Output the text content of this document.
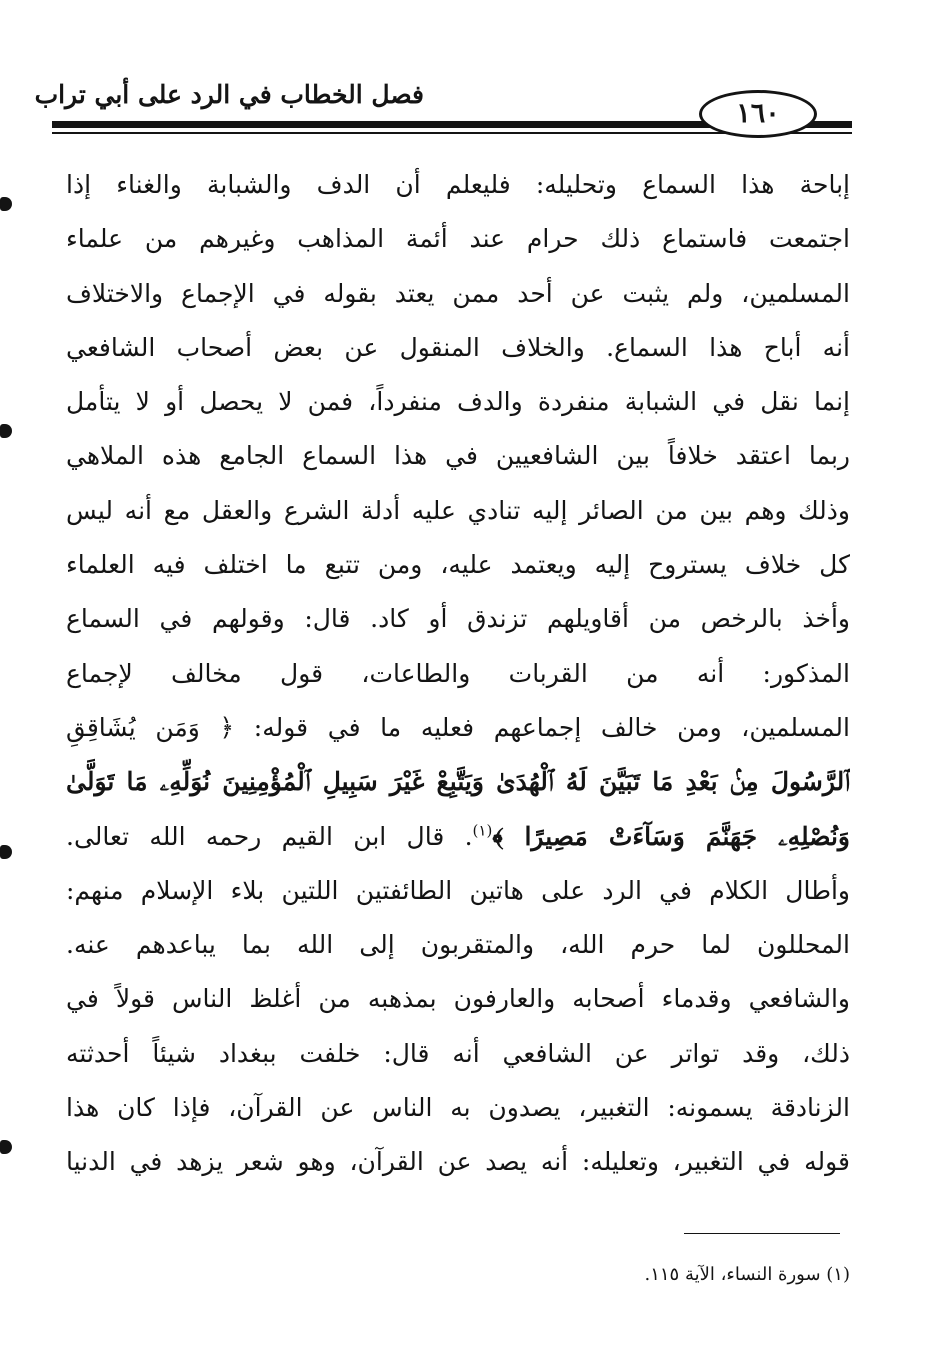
فصل الخطاب في الرد على أبي تراب
١٦٠
إباحة هذا السماع وتحليله: فليعلم أن الدف والشبابة والغناء إذا
اجتمعت فاستماع ذلك حرام عند أئمة المذاهب وغيرهم من علماء
المسلمين، ولم يثبت عن أحد ممن يعتد بقوله في الإجماع والاختلاف
أنه أباح هذا السماع. والخلاف المنقول عن بعض أصحاب الشافعي
إنما نقل في الشبابة منفردة والدف منفرداً، فمن لا يحصل أو لا يتأمل
ربما اعتقد خلافاً بين الشافعيين في هذا السماع الجامع هذه الملاهي
وذلك وهم بين من الصائر إليه تنادي عليه أدلة الشرع والعقل مع أنه ليس
كل خلاف يستروح إليه ويعتمد عليه، ومن تتبع ما اختلف فيه العلماء
وأخذ بالرخص من أقاويلهم تزندق أو كاد. قال: وقولهم في السماع
المذكور: أنه من القربات والطاعات، قول مخالف لإجماع
المسلمين، ومن خالف إجماعهم فعليه ما في قوله: ﴿ وَمَن يُشَاقِقِ
ٱلرَّسُولَ مِنۢ بَعْدِ مَا تَبَيَّنَ لَهُ ٱلْهُدَىٰ وَيَتَّبِعْ غَيْرَ سَبِيلِ ٱلْمُؤْمِنِينَ نُوَلِّهِۦ مَا تَوَلَّىٰ
وَنُصْلِهِۦ جَهَنَّمَ وَسَآءَتْ مَصِيرًا ﴾$^{(١)}$. قال ابن القيم رحمه الله تعالى.
وأطال الكلام في الرد على هاتين الطائفتين اللتين بلاء الإسلام منهم:
المحللون لما حرم الله، والمتقربون إلى الله بما يباعدهم عنه.
والشافعي وقدماء أصحابه والعارفون بمذهبه من أغلظ الناس قولاً في
ذلك، وقد تواتر عن الشافعي أنه قال: خلفت ببغداد شيئاً أحدثته
الزنادقة يسمونه: التغبير، يصدون به الناس عن القرآن، فإذا كان هذا
قوله في التغبير، وتعليله: أنه يصد عن القرآن، وهو شعر يزهد في الدنيا
(١) سورة النساء، الآية ١١٥.
